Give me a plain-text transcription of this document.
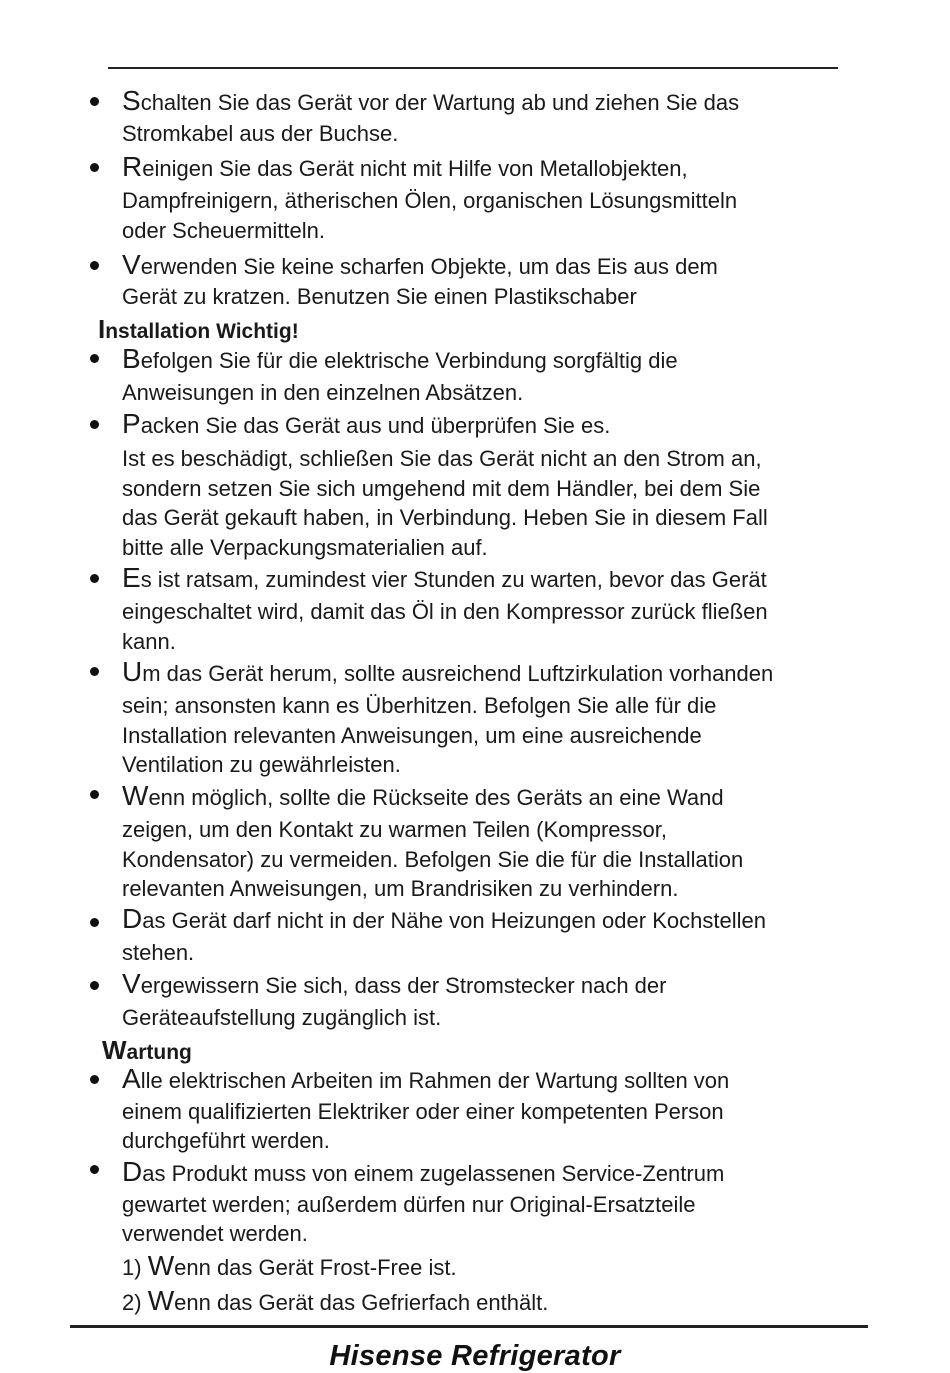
Schalten Sie das Gerät vor der Wartung ab und ziehen Sie das
Stromkabel aus der Buchse.
Reinigen Sie das Gerät nicht mit Hilfe von Metallobjekten,
Dampfreinigern, ätherischen Ölen, organischen Lösungsmitteln
oder Scheuermitteln.
Verwenden Sie keine scharfen Objekte, um das Eis aus dem
Gerät zu kratzen. Benutzen Sie einen Plastikschaber
Installation Wichtig!
Befolgen Sie für die elektrische Verbindung sorgfältig die
Anweisungen in den einzelnen Absätzen.
Packen Sie das Gerät aus und überprüfen Sie es.
Ist es beschädigt, schließen Sie das Gerät nicht an den Strom an,
sondern setzen Sie sich umgehend mit dem Händler, bei dem Sie
das Gerät gekauft haben, in Verbindung. Heben Sie in diesem Fall
bitte alle Verpackungsmaterialien auf.
Es ist ratsam, zumindest vier Stunden zu warten, bevor das Gerät
eingeschaltet wird, damit das Öl in den Kompressor zurück fließen
kann.
Um das Gerät herum, sollte ausreichend Luftzirkulation vorhanden
sein; ansonsten kann es Überhitzen. Befolgen Sie alle für die
Installation relevanten Anweisungen, um eine ausreichende
Ventilation zu gewährleisten.
Wenn möglich, sollte die Rückseite des Geräts an eine Wand
zeigen, um den Kontakt zu warmen Teilen (Kompressor,
Kondensator) zu vermeiden. Befolgen Sie die für die Installation
relevanten Anweisungen, um Brandrisiken zu verhindern.
Das Gerät darf nicht in der Nähe von Heizungen oder Kochstellen
stehen.
Vergewissern Sie sich, dass der Stromstecker nach der
Geräteaufstellung zugänglich ist.
Wartung
Alle elektrischen Arbeiten im Rahmen der Wartung sollten von
einem qualifizierten Elektriker oder einer kompetenten Person
durchgeführt werden.
Das Produkt muss von einem zugelassenen Service-Zentrum
gewartet werden; außerdem dürfen nur Original-Ersatzteile
verwendet werden.
1) Wenn das Gerät Frost-Free ist.
2) Wenn das Gerät das Gefrierfach enthält.
Hisense Refrigerator
